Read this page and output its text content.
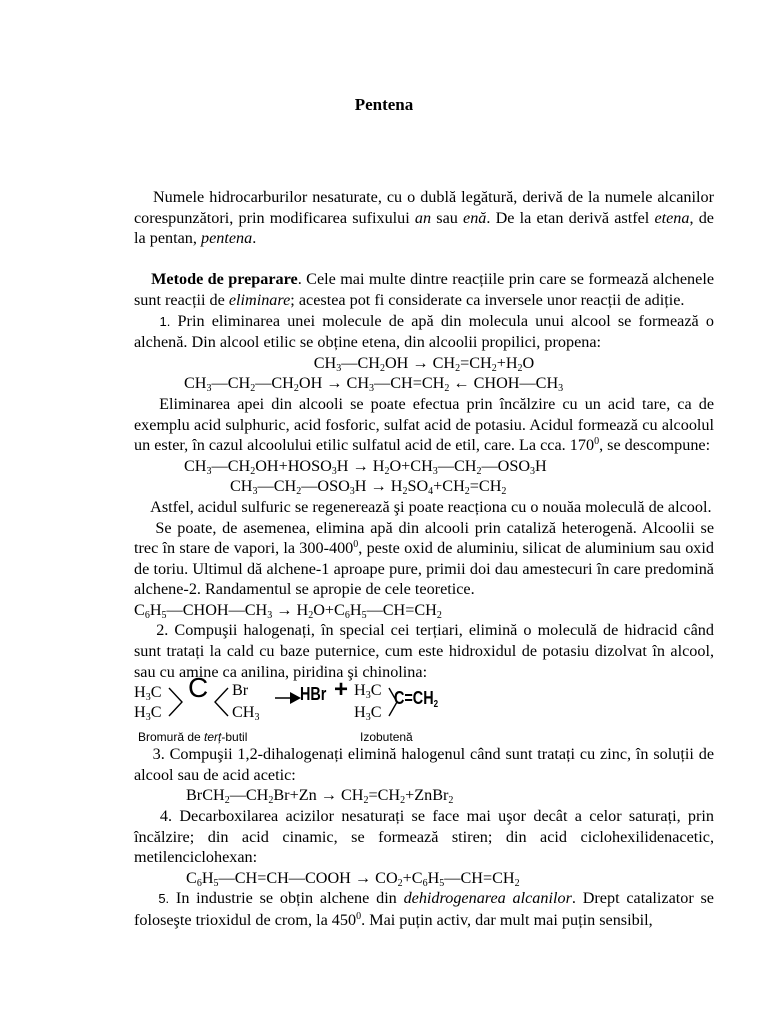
Pentena

Numele hidrocarburilor nesaturate, cu o dublă legătură, derivă de la numele alcanilor corespunzători, prin modificarea sufixului an sau enă. De la etan derivă astfel etena, de la pentan, pentena.

Metode de preparare. Cele mai multe dintre reacțiile prin care se formează alchenele sunt reacții de eliminare; acestea pot fi considerate ca inversele unor reacții de adiție.

1. Prin eliminarea unei molecule de apă din molecula unui alcool se formează o alchenă. Din alcool etilic se obține etena, din alcoolii propilici, propena:

$CH_3—CH_2OH \to CH_2=CH_2+H_2O$

$CH_3—CH_2—CH_2OH$ → $CH_3—CH=CH_2$ ← $CHOH—CH_3$

Eliminarea apei din alcooli se poate efectua prin încălzire cu un acid tare, ca de exemplu acid sulphuric, acid fosforic, sulfat acid de potasiu. Acidul formează cu alcoolul un ester, în cazul alcoolului etilic sulfatul acid de etil, care. La cca. $170^0$, se descompune:

$CH_3—CH_2OH+HOSO_3H$ → $H_2O+CH_3—CH_2—OSO_3H$

$CH_3—CH_2—OSO_3H \to H_2SO_4+CH_2=CH_2$

Astfel, acidul sulfuric se regenerează şi poate reacționa cu o nouăa moleculă de alcool.

Se poate, de asemenea, elimina apă din alcooli prin cataliză heterogenă. Alcoolii se trec în stare de vapori, la $300-400^0$, peste oxid de aluminiu, silicat de aluminium sau oxid de toriu. Ultimul dă alchene-1 aproape pure, primii doi dau amestecuri în care predomină alchene-2. Randamentul se apropie de cele teoretice.

$C_6H_5—CHOH—CH_3$ → $H_2O+C_6H_5—CH=CH_2$

2. Compuşii halogenați, în special cei terțiari, elimină o moleculă de hidracid când sunt tratați la cald cu baze puternice, cum este hidroxidul de potasiu dizolvat în alcool, sau cu amine ca anilina, piridina şi chinolina:

$H_3C$
$H_3C$
C Br
$CH_3$
HBr + $H_3C$
$H_3C$
$C=CH_2$
Bromură de terț-butil	Izobutenă

3. Compuşii 1,2-dihalogenați elimină halogenul când sunt tratați cu zinc, în soluții de alcool sau de acid acetic:

$BrCH_2—CH_2Br+Zn$ → $CH_2=CH_2+ZnBr_2$

4. Decarboxilarea acizilor nesaturați se face mai uşor decât a celor saturați, prin încălzire; din acid cinamic, se formează stiren; din acid ciclohexilidenacetic, metilenciclohexan:

$C_6H_5—CH=CH—COOH$ → $CO_2+C_6H_5—CH=CH_2$

5. In industrie se obțin alchene din dehidrogenarea alcanilor. Drept catalizator se foloseşte trioxidul de crom, la $450^0$. Mai puțin activ, dar mult mai puțin sensibil,
